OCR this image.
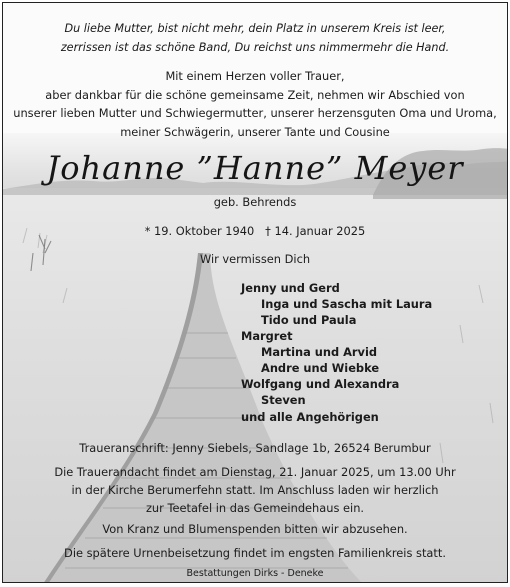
Du liebe Mutter, bist nicht mehr, dein Platz in unserem Kreis ist leer,
zerrissen ist das schöne Band, Du reichst uns nimmermehr die Hand.
Mit einem Herzen voller Trauer,
aber dankbar für die schöne gemeinsame Zeit, nehmen wir Abschied von
unserer lieben Mutter und Schwiegermutter, unserer herzensguten Oma und Uroma,
meiner Schwägerin, unserer Tante und Cousine
Johanne ”Hanne” Meyer
geb. Behrends
* 19. Oktober 1940   † 14. Januar 2025
Wir vermissen Dich
Jenny und Gerd
Inga und Sascha mit Laura
Tido und Paula
Margret
Martina und Arvid
Andre und Wiebke
Wolfgang und Alexandra
Steven
und alle Angehörigen
Traueranschrift: Jenny Siebels, Sandlage 1b, 26524 Berumbur
Die Trauerandacht findet am Dienstag, 21. Januar 2025, um 13.00 Uhr
in der Kirche Berumerfehn statt. Im Anschluss laden wir herzlich
zur Teetafel in das Gemeindehaus ein.
Von Kranz und Blumenspenden bitten wir abzusehen.
Die spätere Urnenbeisetzung findet im engsten Familienkreis statt.
Bestattungen Dirks - Deneke
